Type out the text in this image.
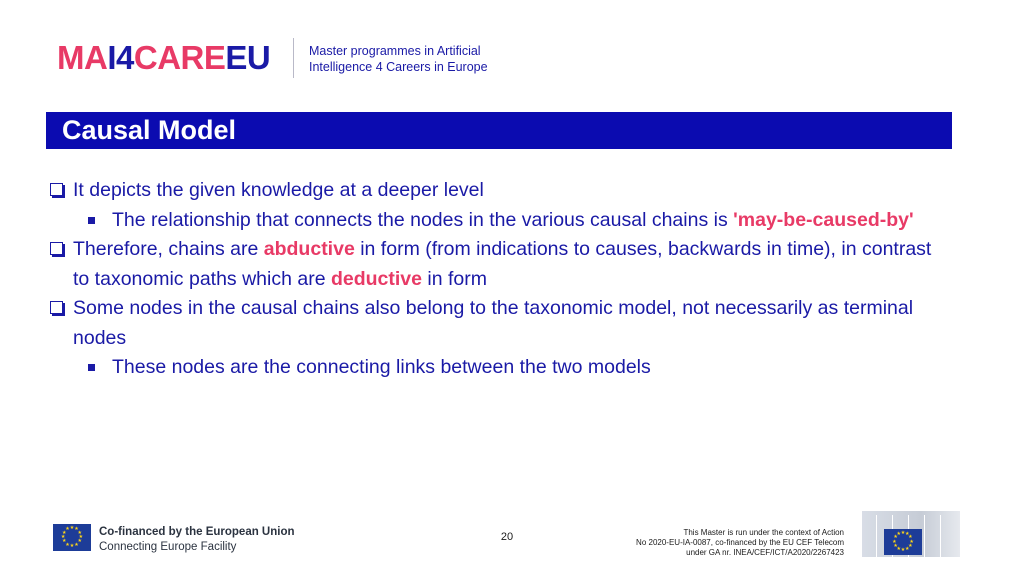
MAI4CAREEU	Master programmes in Artificial
Intelligence 4 Careers in Europe
Causal Model
It depicts the given knowledge at a deeper level
The relationship that connects the nodes in the various causal chains is 'may-be-caused-by'
Therefore, chains are abductive in form (from indications to causes, backwards in time), in contrast to taxonomic paths which are deductive in form
Some nodes in the causal chains also belong to the taxonomic model, not necessarily as terminal nodes
These nodes are the connecting links between the two models
★ ★
★
★
★
★
★
★
★
★
★
★	Co-financed by the European Union
Connecting Europe Facility
20	This Master is run under the context of Action
No 2020-EU-IA-0087, co-financed by the EU CEF Telecom
under GA nr. INEA/CEF/ICT/A2020/2267423
★ ★
★
★
★
★
★
★
★
★
★
★
